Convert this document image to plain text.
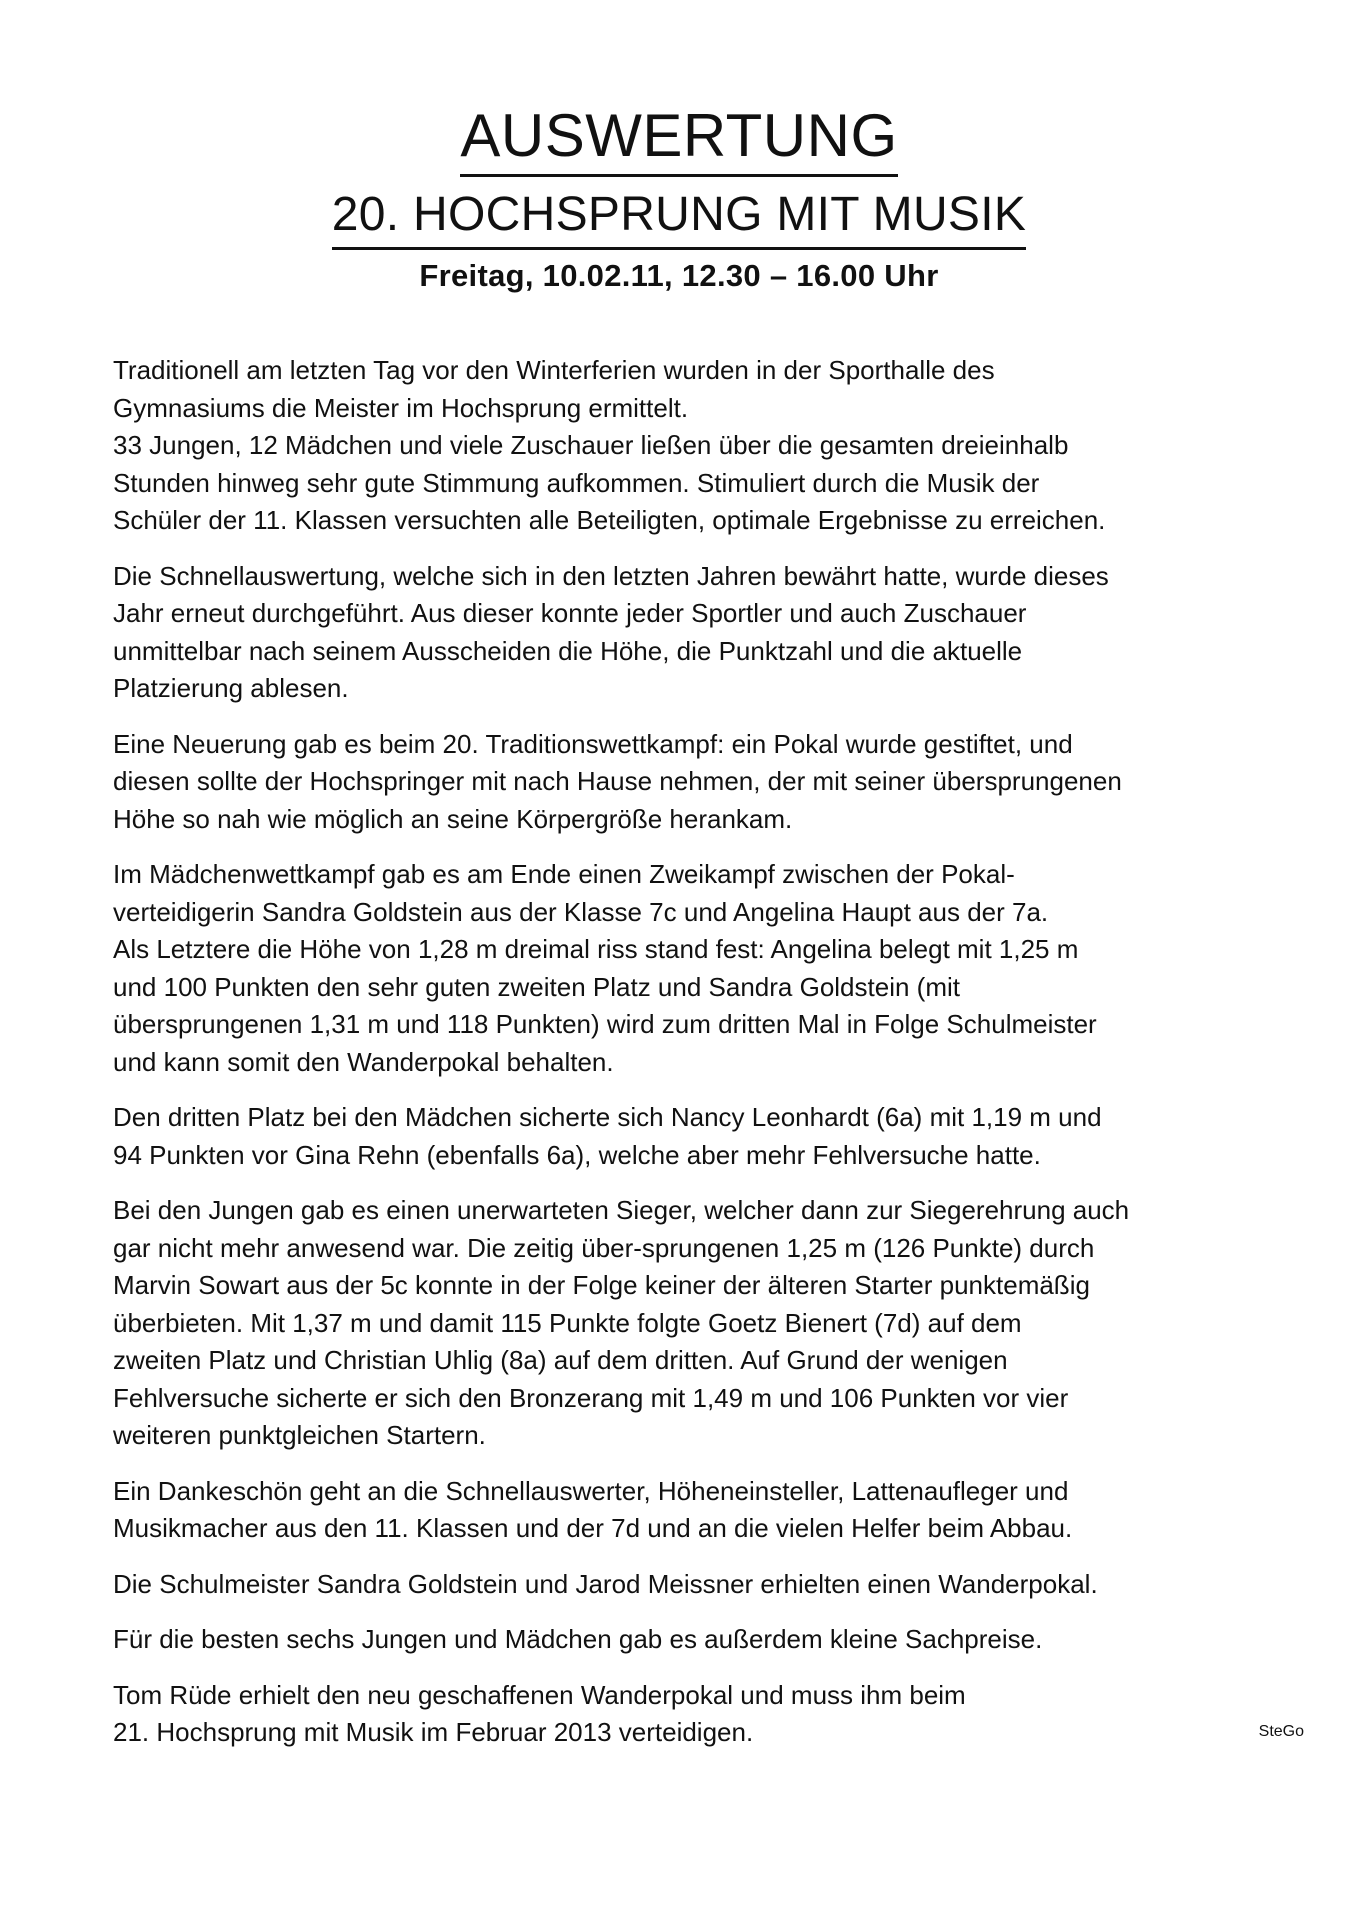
AUSWERTUNG
20. HOCHSPRUNG MIT MUSIK
Freitag, 10.02.11, 12.30 – 16.00 Uhr

Traditionell am letzten Tag vor den Winterferien wurden in der Sporthalle des
Gymnasiums die Meister im Hochsprung ermittelt.
33 Jungen, 12 Mädchen und viele Zuschauer ließen über die gesamten dreieinhalb
Stunden hinweg sehr gute Stimmung aufkommen. Stimuliert durch die Musik der
Schüler der 11. Klassen versuchten alle Beteiligten, optimale Ergebnisse zu erreichen.

Die Schnellauswertung, welche sich in den letzten Jahren bewährt hatte, wurde dieses
Jahr erneut durchgeführt. Aus dieser konnte jeder Sportler und auch Zuschauer
unmittelbar nach seinem Ausscheiden die Höhe, die Punktzahl und die aktuelle
Platzierung ablesen.

Eine Neuerung gab es beim 20. Traditionswettkampf: ein Pokal wurde gestiftet, und
diesen sollte der Hochspringer mit nach Hause nehmen, der mit seiner übersprungenen
Höhe so nah wie möglich an seine Körpergröße herankam.

Im Mädchenwettkampf gab es am Ende einen Zweikampf zwischen der Pokal-
verteidigerin Sandra Goldstein aus der Klasse 7c und Angelina Haupt aus der 7a.
Als Letztere die Höhe von 1,28 m dreimal riss stand fest: Angelina belegt mit 1,25 m
und 100 Punkten den sehr guten zweiten Platz und Sandra Goldstein (mit
übersprungenen 1,31 m und 118 Punkten) wird zum dritten Mal in Folge Schulmeister
und kann somit den Wanderpokal behalten.

Den dritten Platz bei den Mädchen sicherte sich Nancy Leonhardt (6a) mit 1,19 m und
94 Punkten vor Gina Rehn (ebenfalls 6a), welche aber mehr Fehlversuche hatte.

Bei den Jungen gab es einen unerwarteten Sieger, welcher dann zur Siegerehrung auch
gar nicht mehr anwesend war. Die zeitig über-sprungenen 1,25 m (126 Punkte) durch
Marvin Sowart aus der 5c konnte in der Folge keiner der älteren Starter punktemäßig
überbieten. Mit 1,37 m und damit 115 Punkte folgte Goetz Bienert (7d) auf dem
zweiten Platz und Christian Uhlig (8a) auf dem dritten. Auf Grund der wenigen
Fehlversuche sicherte er sich den Bronzerang mit 1,49 m und 106 Punkten vor vier
weiteren punktgleichen Startern.

Ein Dankeschön geht an die Schnellauswerter, Höheneinsteller, Lattenaufleger und
Musikmacher aus den 11. Klassen und der 7d und an die vielen Helfer beim Abbau.

Die Schulmeister Sandra Goldstein und Jarod Meissner erhielten einen Wanderpokal.

Für die besten sechs Jungen und Mädchen gab es außerdem kleine Sachpreise.

Tom Rüde erhielt den neu geschaffenen Wanderpokal und muss ihm beim
21. Hochsprung mit Musik im Februar 2013 verteidigen.	SteGo
